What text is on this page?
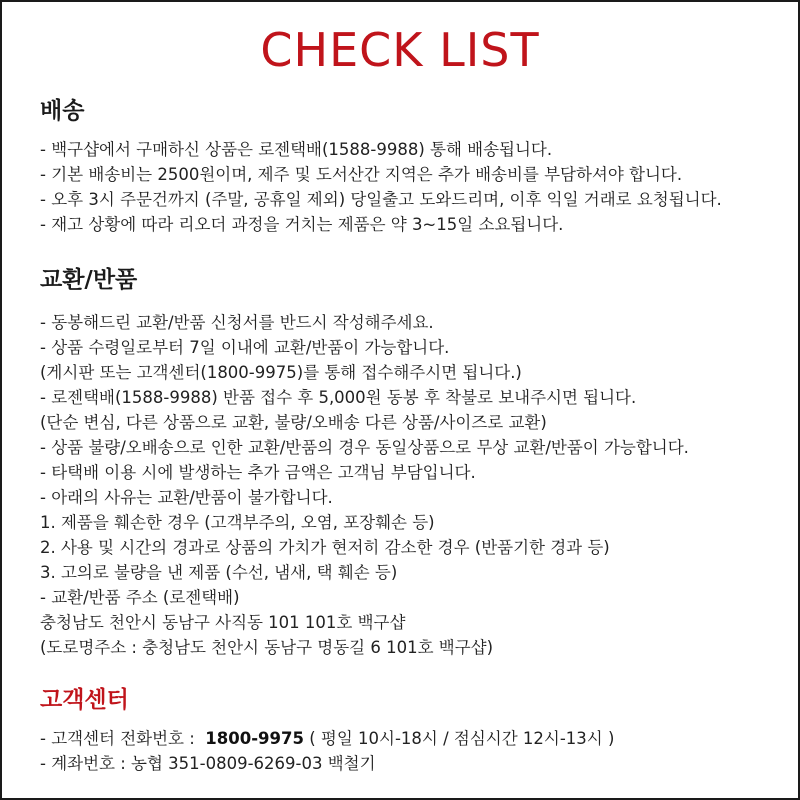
CHECK LIST
배송
- 백구샵에서 구매하신 상품은 로젠택배(1588-9988) 통해 배송됩니다.
- 기본 배송비는 2500원이며, 제주 및 도서산간 지역은 추가 배송비를 부담하셔야 합니다.
- 오후 3시 주문건까지 (주말, 공휴일 제외) 당일출고 도와드리며, 이후 익일 거래로 요청됩니다.
- 재고 상황에 따라 리오더 과정을 거치는 제품은 약 3~15일 소요됩니다.
교환/반품
- 동봉해드린 교환/반품 신청서를 반드시 작성해주세요.
- 상품 수령일로부터 7일 이내에 교환/반품이 가능합니다.
(게시판 또는 고객센터(1800-9975)를 통해 접수해주시면 됩니다.)
- 로젠택배(1588-9988) 반품 접수 후 5,000원 동봉 후 착불로 보내주시면 됩니다.
(단순 변심, 다른 상품으로 교환, 불량/오배송 다른 상품/사이즈로 교환)
- 상품 불량/오배송으로 인한 교환/반품의 경우 동일상품으로 무상 교환/반품이 가능합니다.
- 타택배 이용 시에 발생하는 추가 금액은 고객님 부담입니다.
- 아래의 사유는 교환/반품이 불가합니다.
1. 제품을 훼손한 경우 (고객부주의, 오염, 포장훼손 등)
2. 사용 및 시간의 경과로 상품의 가치가 현저히 감소한 경우 (반품기한 경과 등)
3. 고의로 불량을 낸 제품 (수선, 냄새, 택 훼손 등)
- 교환/반품 주소 (로젠택배)
충청남도 천안시 동남구 사직동 101 101호 백구샵
(도로명주소 : 충청남도 천안시 동남구 명동길 6 101호 백구샵)
고객센터
- 고객센터 전화번호 : 1800-9975 ( 평일 10시-18시 / 점심시간 12시-13시 )
- 계좌번호 : 농협 351-0809-6269-03 백철기
